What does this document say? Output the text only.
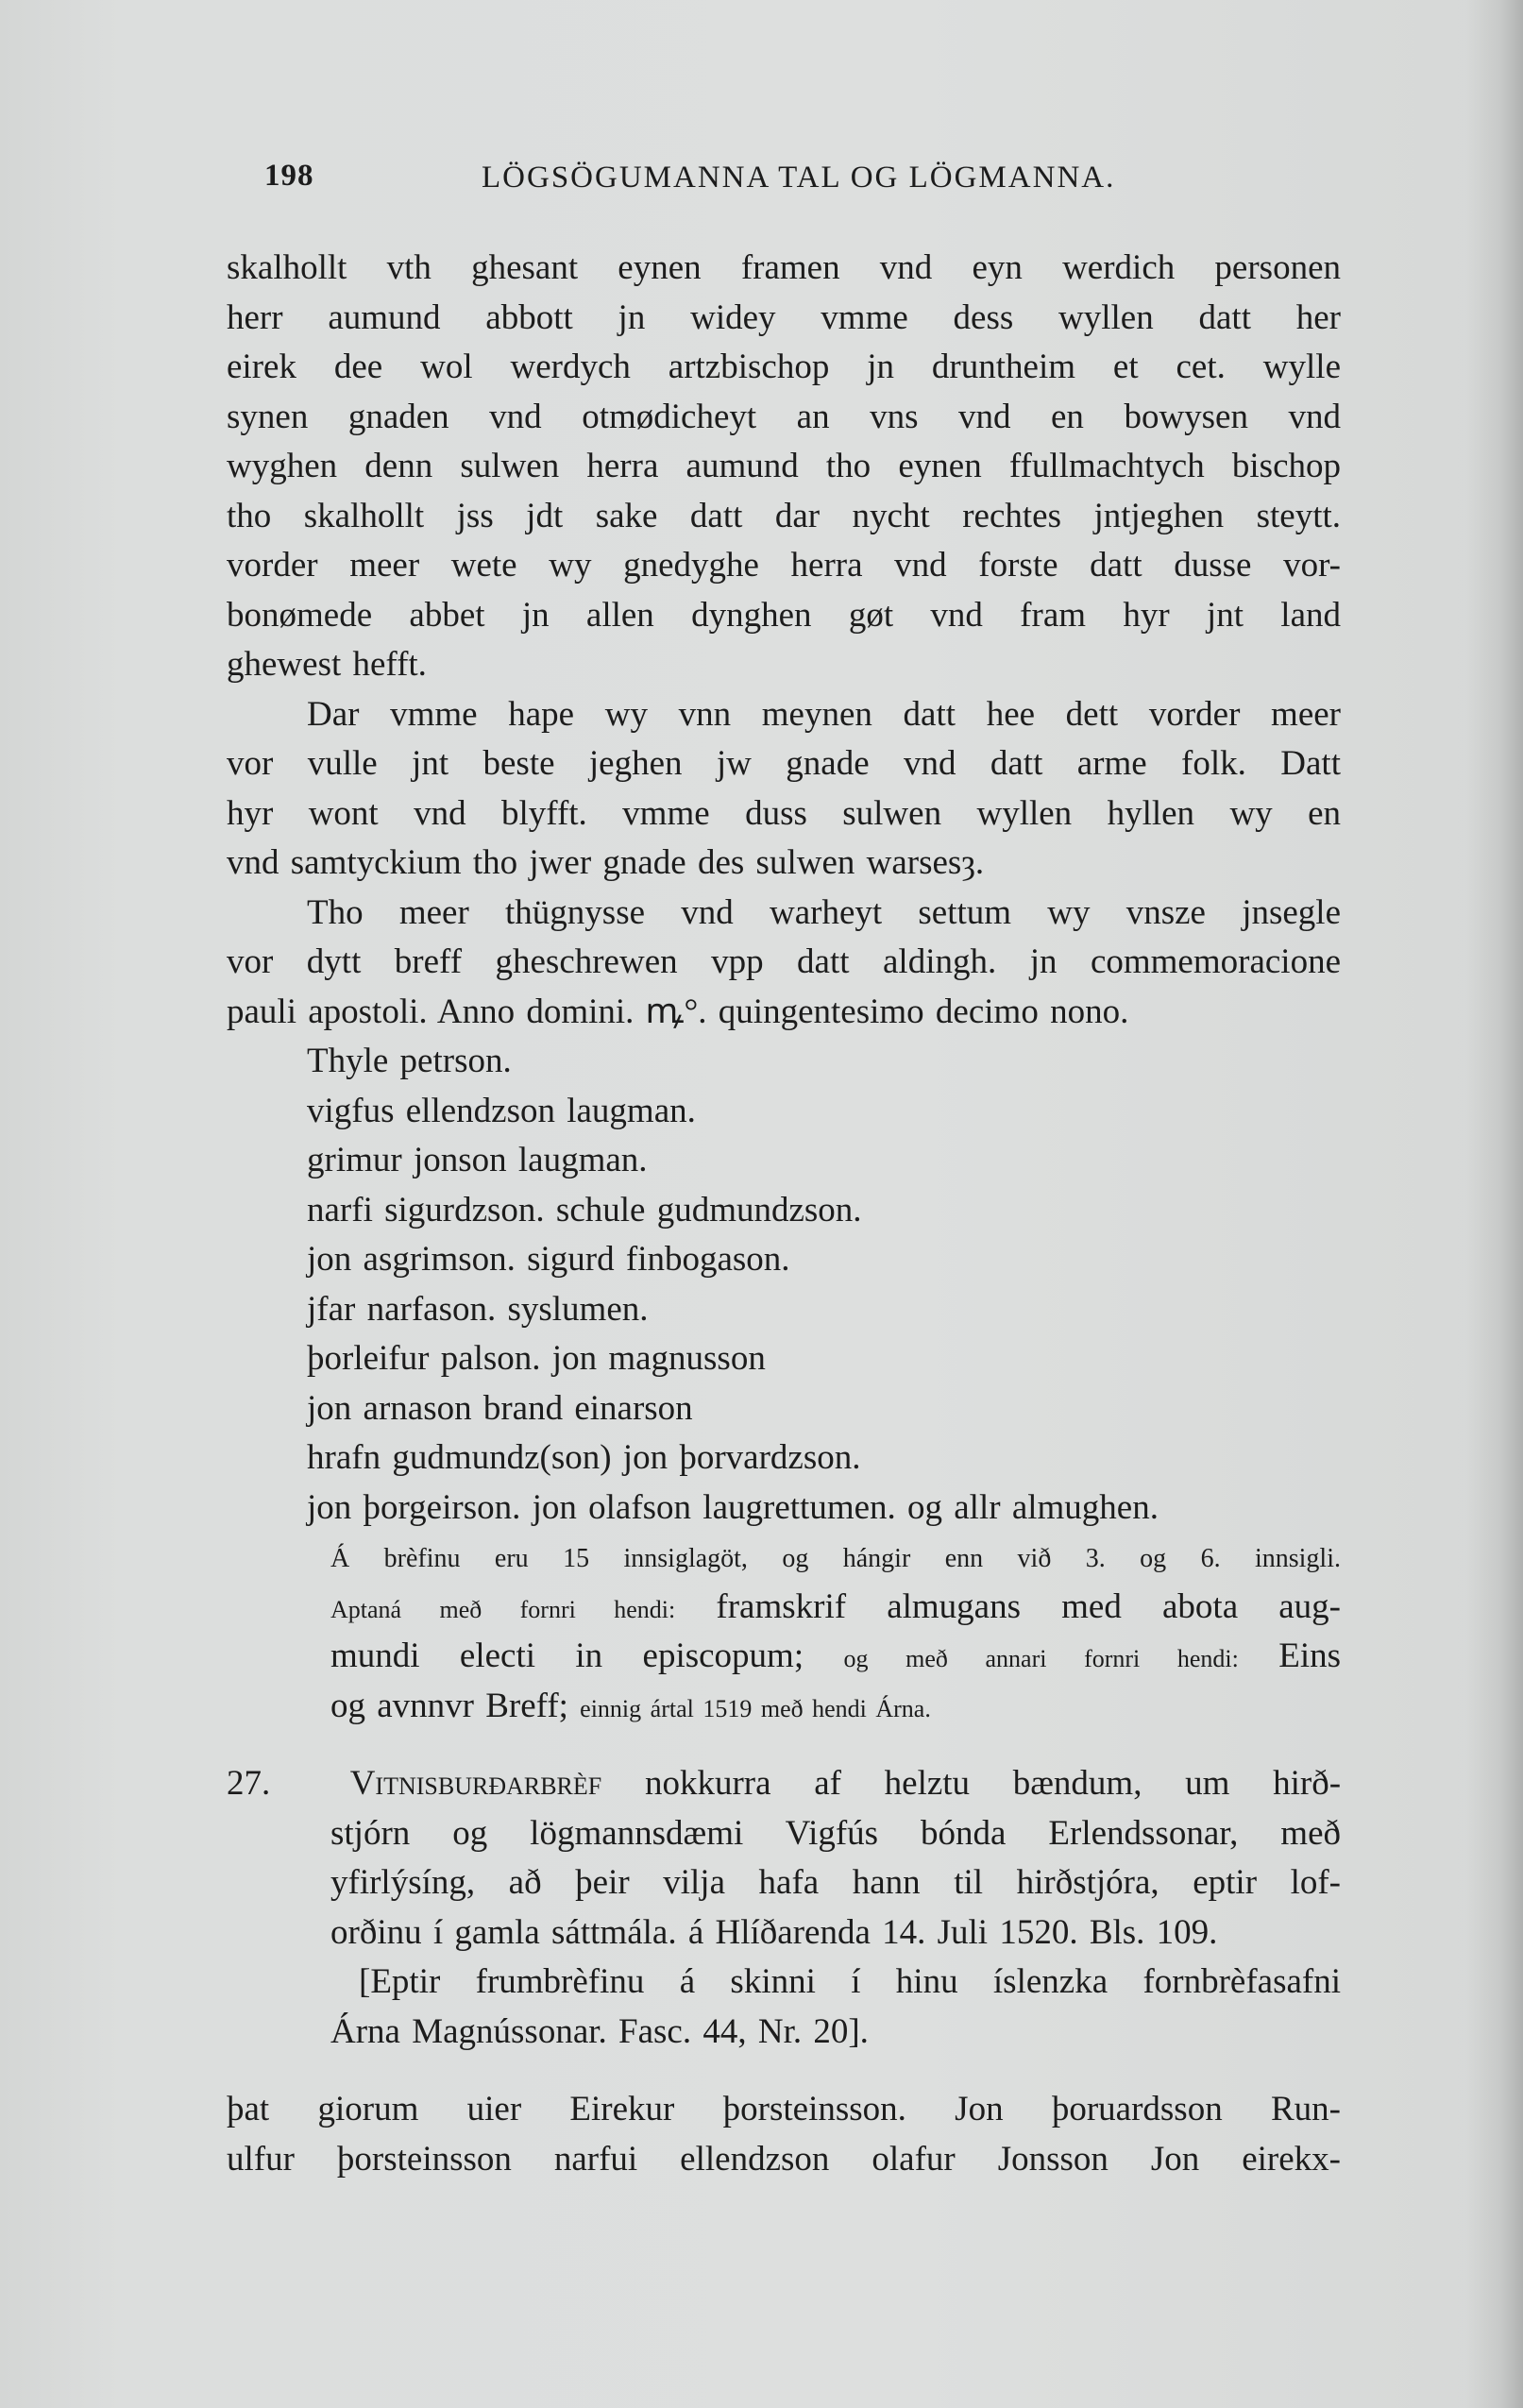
198	LÖGSÖGUMANNA TAL OG LÖGMANNA.
skalhollt vth ghesant eynen framen vnd eyn werdich personen
herr aumund abbott jn widey vmme dess wyllen datt her
eirek dee wol werdych artzbischop jn druntheim et cet. wylle
synen gnaden vnd otmødicheyt an vns vnd en bowysen vnd
wyghen denn sulwen herra aumund tho eynen ffullmachtych bischop
tho skalhollt jss jdt sake datt dar nycht rechtes jntjeghen steytt.
vorder meer wete wy gnedyghe herra vnd forste datt dusse vor-
bonømede abbet jn allen dynghen gøt vnd fram hyr jnt land
ghewest hefft.
Dar vmme hape wy vnn meynen datt hee dett vorder meer
vor vulle jnt beste jeghen jw gnade vnd datt arme folk. Datt
hyr wont vnd blyfft. vmme duss sulwen wyllen hyllen wy en
vnd samtyckium tho jwer gnade des sulwen warsesȝ.
Tho meer thügnysse vnd warheyt settum wy vnsze jnsegle
vor dytt breff gheschrewen vpp datt aldingh. jn commemoracione
pauli apostoli. Anno domini. ꝳ°. quingentesimo decimo nono.
Thyle petrson.
vigfus ellendzson laugman.
grimur jonson laugman.
narfi sigurdzson. schule gudmundzson.
jon asgrimson. sigurd finbogason.
jfar narfason. syslumen.
þorleifur palson. jon magnusson
jon arnason brand einarson
hrafn gudmundz(son) jon þorvardzson.
jon þorgeirson. jon olafson laugrettumen. og allr almughen.
Á brèfinu eru 15 innsiglagöt, og hángir enn við 3. og 6. innsigli.
Aptaná með fornri hendi: framskrif almugans med abota aug-
mundi electi in episcopum; og með annari fornri hendi: Eins
og avnnvr Breff; einnig ártal 1519 með hendi Árna.
27. Vitnisburðarbrèf nokkurra af helztu bændum, um hirð-
stjórn og lögmannsdæmi Vigfús bónda Erlendssonar, með
yfirlýsíng, að þeir vilja hafa hann til hirðstjóra, eptir lof-
orðinu í gamla sáttmála. á Hlíðarenda 14. Juli 1520. Bls. 109.
[Eptir frumbrèfinu á skinni í hinu íslenzka fornbrèfasafni
Árna Magnússonar. Fasc. 44, Nr. 20].
þat giorum uier Eirekur þorsteinsson. Jon þoruardsson Run-
ulfur þorsteinsson narfui ellendzson olafur Jonsson Jon eirekx-
